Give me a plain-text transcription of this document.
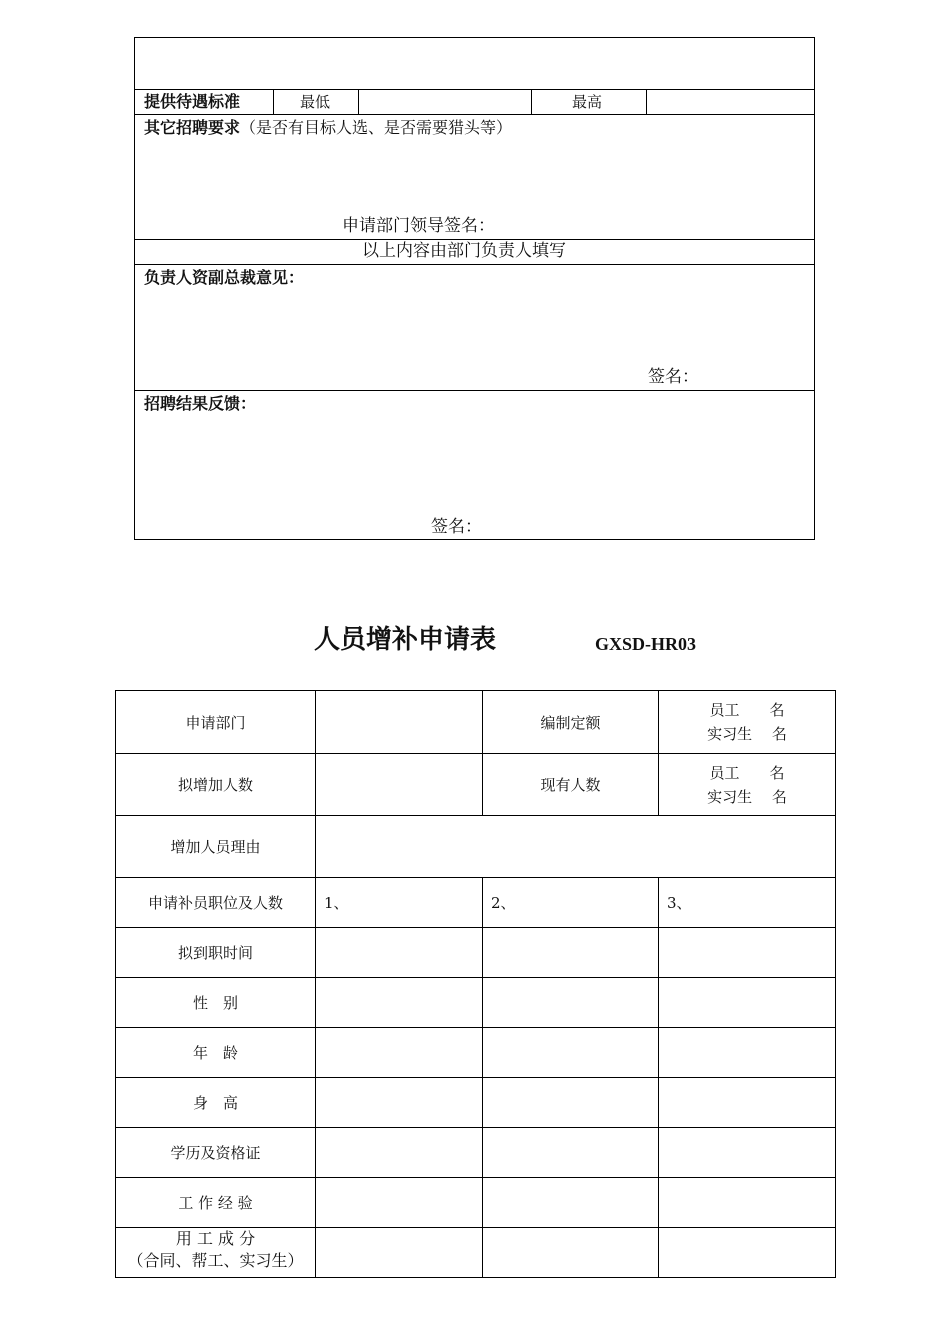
提供待遇标准	最低	最高
其它招聘要求（是否有目标人选、是否需要猎头等）
申请部门领导签名：
以上内容由部门负责人填写
负责人资副总裁意见：
签名：
招聘结果反馈：
签名：
人员增补申请表	GXSD-HR03
申请部门		编制定额	员工　　名
实习生　 名
拟增加人数		现有人数	员工　　名
实习生　 名
增加人员理由			
申请补员职位及人数	1、	2、	3、
拟到职时间			
性　别			
年　龄			
身　高			
学历及资格证			
工 作 经 验			

用 工 成 分
（合同、帮工、实习生）			
